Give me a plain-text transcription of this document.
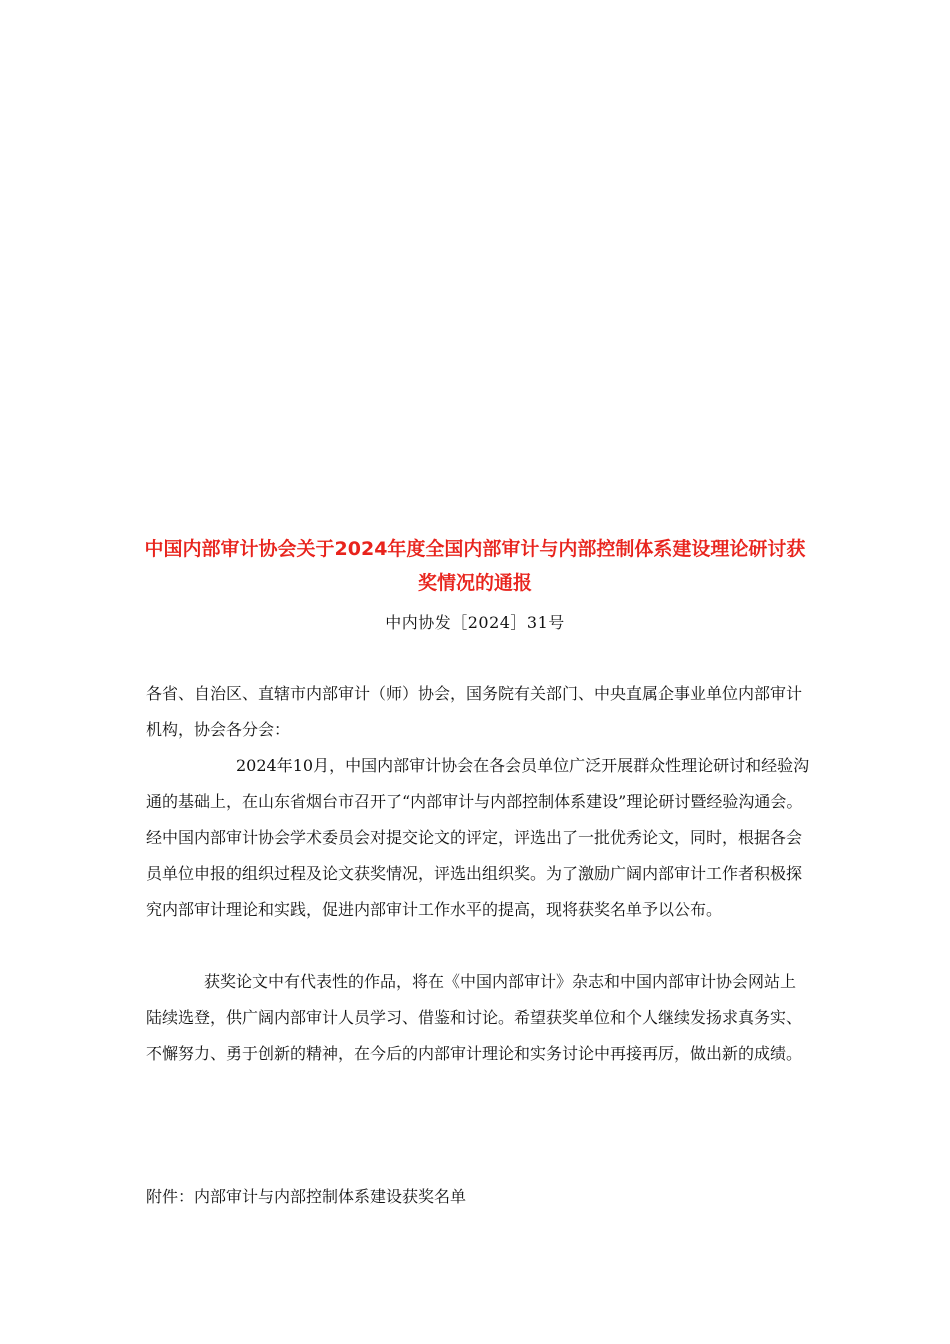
中国内部审计协会关于2024年度全国内部审计与内部控制体系建设理论研讨获奖情况的通报
中内协发［2024］31号

各省、自治区、直辖市内部审计（师）协会，国务院有关部门、中央直属企事业单位内部审计机构，协会各分会：

2024年10月，中国内部审计协会在各会员单位广泛开展群众性理论研讨和经验沟通的基础上，在山东省烟台市召开了“内部审计与内部控制体系建设”理论研讨暨经验沟通会。经中国内部审计协会学术委员会对提交论文的评定，评选出了一批优秀论文，同时，根据各会员单位申报的组织过程及论文获奖情况，评选出组织奖。为了激励广阔内部审计工作者积极探究内部审计理论和实践，促进内部审计工作水平的提高，现将获奖名单予以公布。

获奖论文中有代表性的作品，将在《中国内部审计》杂志和中国内部审计协会网站上陆续选登，供广阔内部审计人员学习、借鉴和讨论。希望获奖单位和个人继续发扬求真务实、不懈努力、勇于创新的精神，在今后的内部审计理论和实务讨论中再接再厉，做出新的成绩。

附件：内部审计与内部控制体系建设获奖名单
